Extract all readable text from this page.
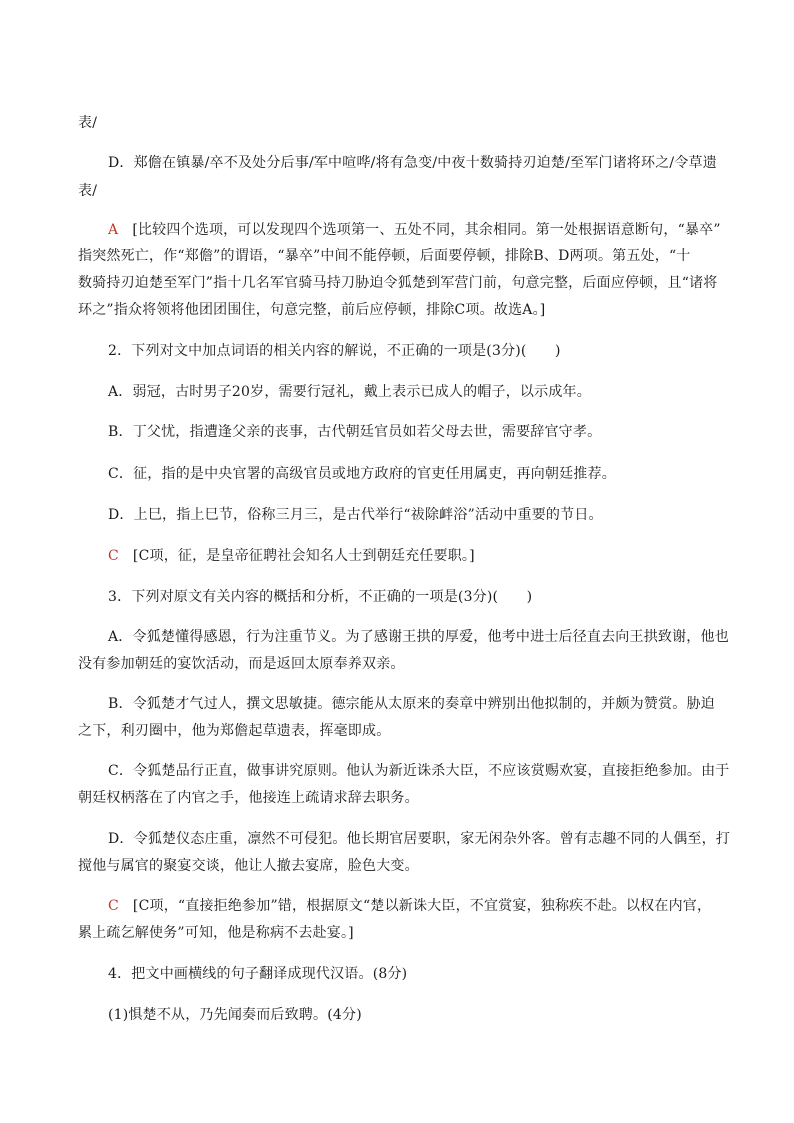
表/
D．郑儋在镇暴/卒不及处分后事/军中喧哗/将有急变/中夜十数骑持刃迫楚/至军门诸将环之/令草遗
表/
A [比较四个选项，可以发现四个选项第一、五处不同，其余相同。第一处根据语意断句，“暴卒”
指突然死亡，作“郑儋”的谓语，“暴卒”中间不能停顿，后面要停顿，排除B、D两项。第五处，“十
数骑持刃迫楚至军门”指十几名军官骑马持刀胁迫令狐楚到军营门前，句意完整，后面应停顿，且“诸将
环之”指众将领将他团团围住，句意完整，前后应停顿，排除C项。故选A。]
2．下列对文中加点词语的相关内容的解说，不正确的一项是(3分)(　　)
A．弱冠，古时男子20岁，需要行冠礼，戴上表示已成人的帽子，以示成年。
B．丁父忧，指遭逢父亲的丧事，古代朝廷官员如若父母去世，需要辞官守孝。
C．征，指的是中央官署的高级官员或地方政府的官吏任用属吏，再向朝廷推荐。
D．上巳，指上巳节，俗称三月三，是古代举行“祓除衅浴”活动中重要的节日。
C [C项，征，是皇帝征聘社会知名人士到朝廷充任要职。]
3．下列对原文有关内容的概括和分析，不正确的一项是(3分)(　　)
A．令狐楚懂得感恩，行为注重节义。为了感谢王拱的厚爱，他考中进士后径直去向王拱致谢，他也
没有参加朝廷的宴饮活动，而是返回太原奉养双亲。
B．令狐楚才气过人，撰文思敏捷。德宗能从太原来的奏章中辨别出他拟制的，并颇为赞赏。胁迫
之下，利刃圈中，他为郑儋起草遗表，挥毫即成。
C．令狐楚品行正直，做事讲究原则。他认为新近诛杀大臣，不应该赏赐欢宴，直接拒绝参加。由于
朝廷权柄落在了内官之手，他接连上疏请求辞去职务。
D．令狐楚仪态庄重，凛然不可侵犯。他长期官居要职，家无闲杂外客。曾有志趣不同的人偶至，打
搅他与属官的聚宴交谈，他让人撤去宴席，脸色大变。
C [C项，“直接拒绝参加”错，根据原文“楚以新诛大臣，不宜赏宴，独称疾不赴。以权在内官，
累上疏乞解使务”可知，他是称病不去赴宴。]
4．把文中画横线的句子翻译成现代汉语。(8分)
(1)惧楚不从，乃先闻奏而后致聘。(4分)
